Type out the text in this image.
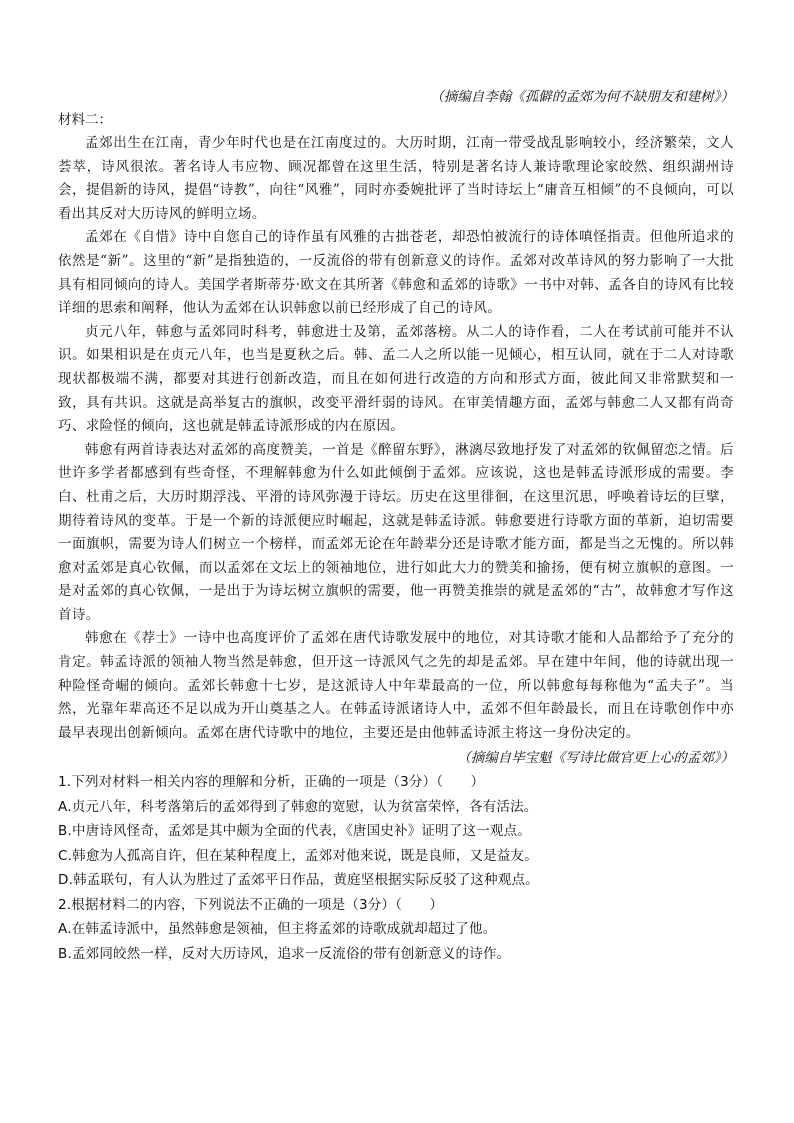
（摘编自李翰《孤僻的孟郊为何不缺朋友和建树》）

材料二：

孟郊出生在江南，青少年时代也是在江南度过的。大历时期，江南一带受战乱影响较小，经济繁荣，文人荟萃，诗风很浓。著名诗人韦应物、顾况都曾在这里生活，特别是著名诗人兼诗歌理论家皎然、组织湖州诗会，提倡新的诗风，提倡“诗教”，向往“风雅”，同时亦委婉批评了当时诗坛上“庸音互相倾”的不良倾向，可以看出其反对大历诗风的鲜明立场。

孟郊在《自惜》诗中自您自己的诗作虽有风雅的古拙苍老，却恐怕被流行的诗体嗔怪指责。但他所追求的依然是“新”。这里的“新”是指独造的，一反流俗的带有创新意义的诗作。孟郊对改革诗风的努力影响了一大批具有相同倾向的诗人。美国学者斯蒂芬·欧文在其所著《韩愈和孟郊的诗歌》一书中对韩、孟各自的诗风有比较详细的思索和阐释，他认为孟郊在认识韩愈以前已经形成了自己的诗风。

贞元八年，韩愈与孟郊同时科考，韩愈进士及第，孟郊落榜。从二人的诗作看，二人在考试前可能并不认识。如果相识是在贞元八年，也当是夏秋之后。韩、孟二人之所以能一见倾心，相互认同，就在于二人对诗歌现状都极端不满，都要对其进行创新改造，而且在如何进行改造的方向和形式方面，彼此间又非常默契和一致，具有共识。这就是高举复古的旗帜，改变平滑纤弱的诗风。在审美情趣方面，孟郊与韩愈二人又都有尚奇巧、求险怪的倾向，这也就是韩孟诗派形成的内在原因。

韩愈有两首诗表达对孟郊的高度赞美，一首是《醉留东野》，淋漓尽致地抒发了对孟郊的钦佩留恋之情。后世许多学者都感到有些奇怪，不理解韩愈为什么如此倾倒于孟郊。应该说，这也是韩孟诗派形成的需要。李白、杜甫之后，大历时期浮浅、平滑的诗风弥漫于诗坛。历史在这里徘徊，在这里沉思，呼唤着诗坛的巨擘，期待着诗风的变革。于是一个新的诗派便应时崛起，这就是韩孟诗派。韩愈要进行诗歌方面的革新，迫切需要一面旗帜，需要为诗人们树立一个榜样，而孟郊无论在年龄辈分还是诗歌才能方面，都是当之无愧的。所以韩愈对孟郊是真心钦佩，而以孟郊在文坛上的领袖地位，进行如此大力的赞美和揄扬，便有树立旗帜的意图。一是对孟郊的真心钦佩，一是出于为诗坛树立旗帜的需要，他一再赞美推崇的就是孟郊的“古”，故韩愈才写作这首诗。

韩愈在《荐士》一诗中也高度评价了孟郊在唐代诗歌发展中的地位，对其诗歌才能和人品都给予了充分的肯定。韩孟诗派的领袖人物当然是韩愈，但开这一诗派风气之先的却是孟郊。早在建中年间，他的诗就出现一种险怪奇崛的倾向。孟郊长韩愈十七岁，是这派诗人中年辈最高的一位，所以韩愈每每称他为“孟夫子”。当然，光靠年辈高还不足以成为开山奠基之人。在韩孟诗派诸诗人中，孟郊不但年龄最长，而且在诗歌创作中亦最早表现出创新倾向。孟郊在唐代诗歌中的地位，主要还是由他韩孟诗派主将这一身份决定的。

（摘编自毕宝魁《写诗比做官更上心的孟郊》）

1.下列对材料一相关内容的理解和分析，正确的一项是（3分）（　　）

A.贞元八年，科考落第后的孟郊得到了韩愈的宽慰，认为贫富荣悴，各有活法。

B.中唐诗风怪奇，孟郊是其中颇为全面的代表，《唐国史补》证明了这一观点。

C.韩愈为人孤高自许，但在某种程度上，孟郊对他来说，既是良师，又是益友。

D.韩孟联句，有人认为胜过了孟郊平日作品，黄庭坚根据实际反驳了这种观点。

2.根据材料二的内容，下列说法不正确的一项是（3分）（　　）

A.在韩孟诗派中，虽然韩愈是领袖，但主将孟郊的诗歌成就却超过了他。

B.孟郊同皎然一样，反对大历诗风，追求一反流俗的带有创新意义的诗作。
